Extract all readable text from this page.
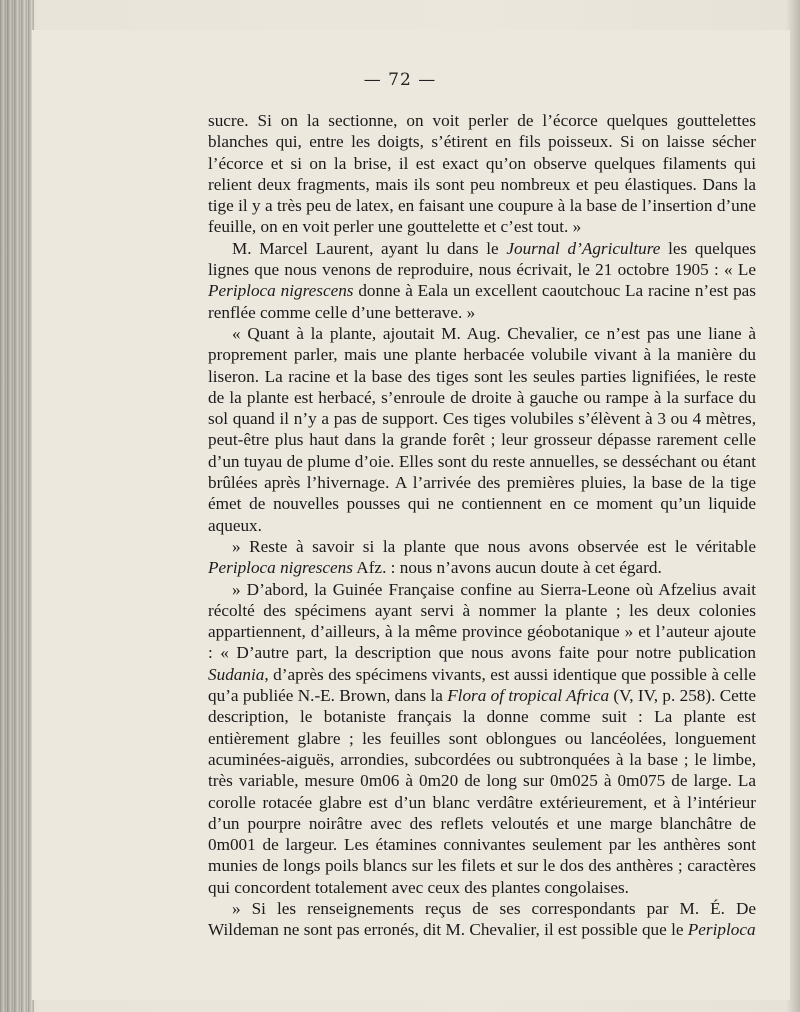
— 72 —

sucre. Si on la sectionne, on voit perler de l’écorce quelques gouttelettes blanches qui, entre les doigts, s’étirent en fils poisseux. Si on laisse sécher l’écorce et si on la brise, il est exact qu’on observe quelques filaments qui relient deux fragments, mais ils sont peu nombreux et peu élastiques. Dans la tige il y a très peu de latex, en faisant une coupure à la base de l’insertion d’une feuille, on en voit perler une gouttelette et c’est tout. »

M. Marcel Laurent, ayant lu dans le Journal d’Agriculture les quelques lignes que nous venons de reproduire, nous écrivait, le 21 octobre 1905 : « Le Periploca nigrescens donne à Eala un excellent caoutchouc La racine n’est pas renflée comme celle d’une betterave. »

« Quant à la plante, ajoutait M. Aug. Chevalier, ce n’est pas une liane à proprement parler, mais une plante herbacée volubile vivant à la manière du liseron. La racine et la base des tiges sont les seules parties lignifiées, le reste de la plante est herbacé, s’enroule de droite à gauche ou rampe à la surface du sol quand il n’y a pas de support. Ces tiges volubiles s’élèvent à 3 ou 4 mètres, peut-être plus haut dans la grande forêt ; leur grosseur dépasse rarement celle d’un tuyau de plume d’oie. Elles sont du reste annuelles, se desséchant ou étant brûlées après l’hivernage. A l’arrivée des premières pluies, la base de la tige émet de nouvelles pousses qui ne contiennent en ce moment qu’un liquide aqueux.

» Reste à savoir si la plante que nous avons observée est le véritable Periploca nigrescens Afz. : nous n’avons aucun doute à cet égard.

» D’abord, la Guinée Française confine au Sierra-Leone où Afzelius avait récolté des spécimens ayant servi à nommer la plante ; les deux colonies appartiennent, d’ailleurs, à la même province géobotanique » et l’auteur ajoute : « D’autre part, la description que nous avons faite pour notre publication Sudania, d’après des spécimens vivants, est aussi identique que possible à celle qu’a publiée N.-E. Brown, dans la Flora of tropical Africa (V, IV, p. 258). Cette description, le botaniste français la donne comme suit : La plante est entièrement glabre ; les feuilles sont oblongues ou lancéolées, longuement acuminées-aiguës, arrondies, subcordées ou subtronquées à la base ; le limbe, très variable, mesure 0m06 à 0m20 de long sur 0m025 à 0m075 de large. La corolle rotacée glabre est d’un blanc verdâtre extérieurement, et à l’intérieur d’un pourpre noirâtre avec des reflets veloutés et une marge blanchâtre de 0m001 de largeur. Les étamines connivantes seulement par les anthères sont munies de longs poils blancs sur les filets et sur le dos des anthères ; caractères qui concordent totalement avec ceux des plantes congolaises.

» Si les renseignements reçus de ses correspondants par M. É. De Wildeman ne sont pas erronés, dit M. Chevalier, il est possible que le Periploca
